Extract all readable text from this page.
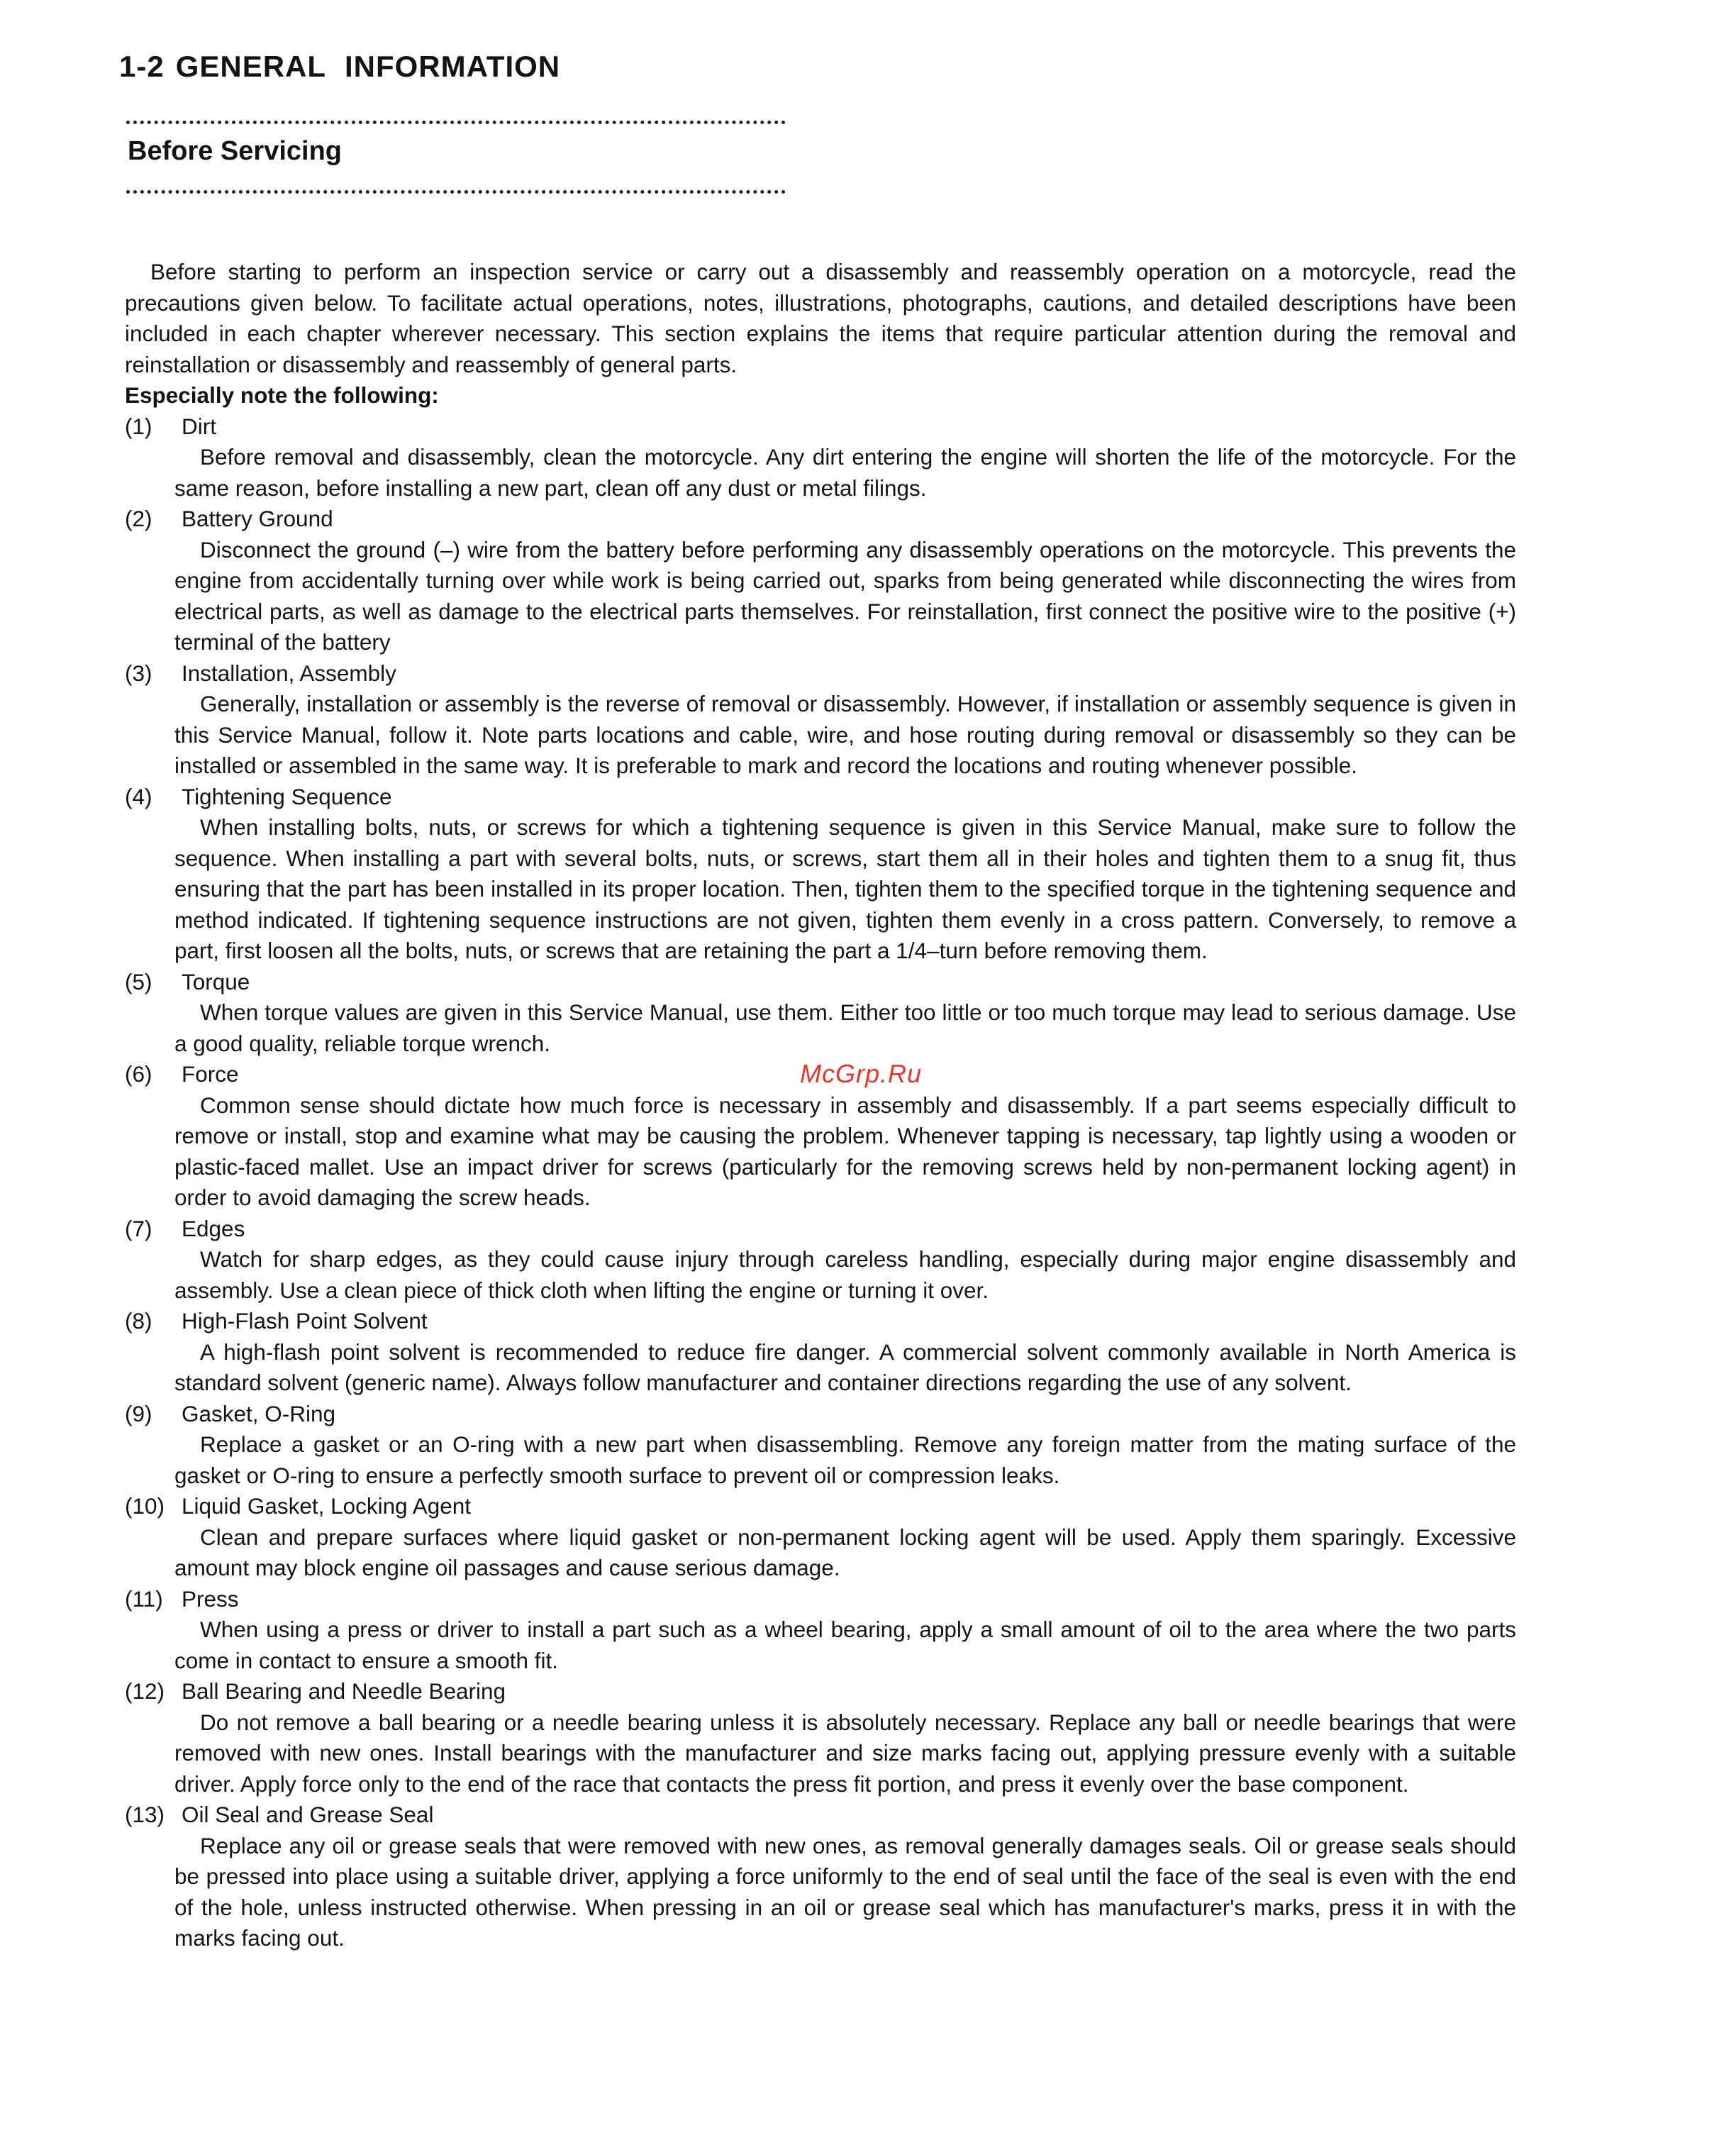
1-2 GENERAL INFORMATION
Before Servicing

Before starting to perform an inspection service or carry out a disassembly and reassembly operation on a motorcycle, read the precautions given below. To facilitate actual operations, notes, illustrations, photographs, cautions, and detailed descriptions have been included in each chapter wherever necessary. This section explains the items that require particular attention during the removal and reinstallation or disassembly and reassembly of general parts.

Especially note the following:

(1)	Dirt

Before removal and disassembly, clean the motorcycle. Any dirt entering the engine will shorten the life of the motorcycle. For the same reason, before installing a new part, clean off any dust or metal filings.

(2)	Battery Ground

Disconnect the ground (–) wire from the battery before performing any disassembly operations on the motorcycle. This prevents the engine from accidentally turning over while work is being carried out, sparks from being generated while disconnecting the wires from electrical parts, as well as damage to the electrical parts themselves. For reinstallation, first connect the positive wire to the positive (+) terminal of the battery

(3)	Installation, Assembly

Generally, installation or assembly is the reverse of removal or disassembly. However, if installation or assembly sequence is given in this Service Manual, follow it. Note parts locations and cable, wire, and hose routing during removal or disassembly so they can be installed or assembled in the same way. It is preferable to mark and record the locations and routing whenever possible.

(4)	Tightening Sequence

When installing bolts, nuts, or screws for which a tightening sequence is given in this Service Manual, make sure to follow the sequence. When installing a part with several bolts, nuts, or screws, start them all in their holes and tighten them to a snug fit, thus ensuring that the part has been installed in its proper location. Then, tighten them to the specified torque in the tightening sequence and method indicated. If tightening sequence instructions are not given, tighten them evenly in a cross pattern. Conversely, to remove a part, first loosen all the bolts, nuts, or screws that are retaining the part a 1/4–turn before removing them.

(5)	Torque

When torque values are given in this Service Manual, use them. Either too little or too much torque may lead to serious damage. Use a good quality, reliable torque wrench.

(6)	Force

Common sense should dictate how much force is necessary in assembly and disassembly. If a part seems especially difficult to remove or install, stop and examine what may be causing the problem. Whenever tapping is necessary, tap lightly using a wooden or plastic-faced mallet. Use an impact driver for screws (particularly for the removing screws held by non-permanent locking agent) in order to avoid damaging the screw heads.

(7)	Edges

Watch for sharp edges, as they could cause injury through careless handling, especially during major engine disassembly and assembly. Use a clean piece of thick cloth when lifting the engine or turning it over.

(8)	High-Flash Point Solvent

A high-flash point solvent is recommended to reduce fire danger. A commercial solvent commonly available in North America is standard solvent (generic name). Always follow manufacturer and container directions regarding the use of any solvent.

(9)	Gasket, O-Ring

Replace a gasket or an O-ring with a new part when disassembling. Remove any foreign matter from the mating surface of the gasket or O-ring to ensure a perfectly smooth surface to prevent oil or compression leaks.

(10) Liquid Gasket, Locking Agent

Clean and prepare surfaces where liquid gasket or non-permanent locking agent will be used. Apply them sparingly. Excessive amount may block engine oil passages and cause serious damage.

(11) Press

When using a press or driver to install a part such as a wheel bearing, apply a small amount of oil to the area where the two parts come in contact to ensure a smooth fit.

(12) Ball Bearing and Needle Bearing

Do not remove a ball bearing or a needle bearing unless it is absolutely necessary. Replace any ball or needle bearings that were removed with new ones. Install bearings with the manufacturer and size marks facing out, applying pressure evenly with a suitable driver. Apply force only to the end of the race that contacts the press fit portion, and press it evenly over the base component.

(13) Oil Seal and Grease Seal

Replace any oil or grease seals that were removed with new ones, as removal generally damages seals. Oil or grease seals should be pressed into place using a suitable driver, applying a force uniformly to the end of seal until the face of the seal is even with the end of the hole, unless instructed otherwise. When pressing in an oil or grease seal which has manufacturer's marks, press it in with the marks facing out.

McGrp.Ru
